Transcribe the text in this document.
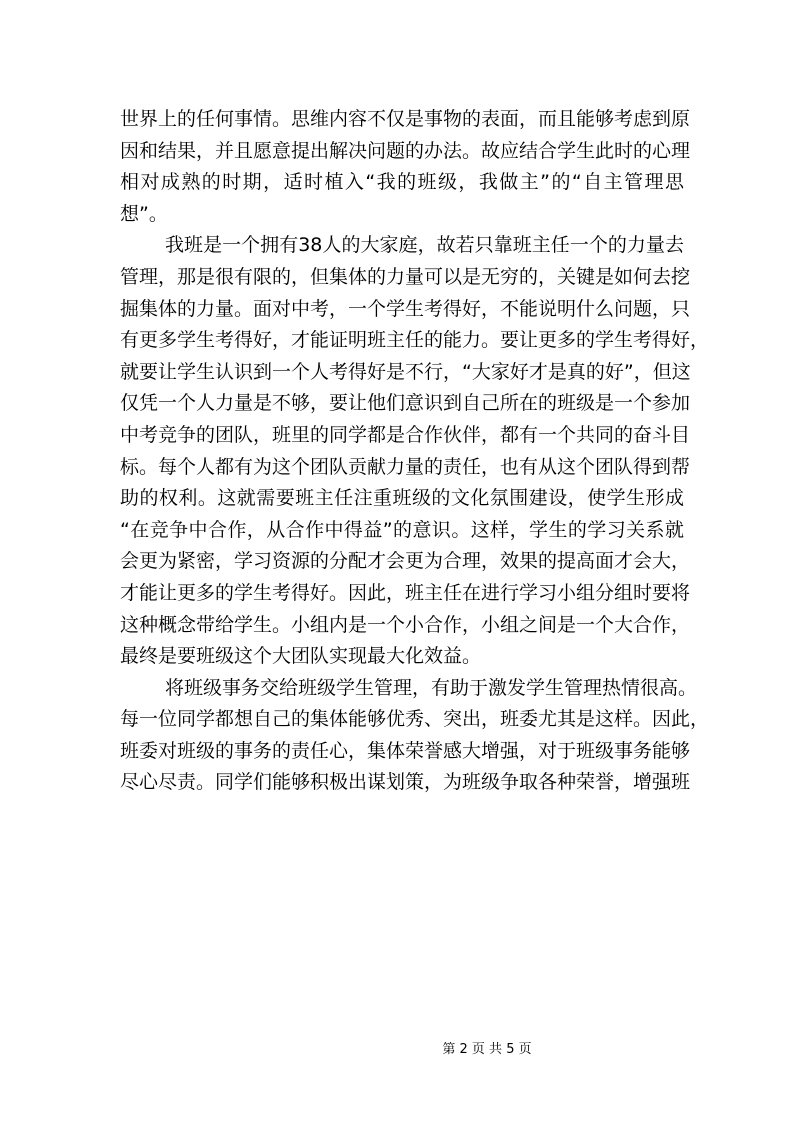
世界上的任何事情。思维内容不仅是事物的表面，而且能够考虑到原
因和结果，并且愿意提出解决问题的办法。故应结合学生此时的心理
相对成熟的时期，适时植入“我的班级，我做主”的“自主管理思
想”。
我班是一个拥有38人的大家庭，故若只靠班主任一个的力量去
管理，那是很有限的，但集体的力量可以是无穷的，关键是如何去挖
掘集体的力量。面对中考，一个学生考得好，不能说明什么问题，只
有更多学生考得好，才能证明班主任的能力。要让更多的学生考得好，
就要让学生认识到一个人考得好是不行，“大家好才是真的好”，但这
仅凭一个人力量是不够，要让他们意识到自己所在的班级是一个参加
中考竞争的团队，班里的同学都是合作伙伴，都有一个共同的奋斗目
标。每个人都有为这个团队贡献力量的责任，也有从这个团队得到帮
助的权利。这就需要班主任注重班级的文化氛围建设，使学生形成
“在竞争中合作，从合作中得益”的意识。这样，学生的学习关系就
会更为紧密，学习资源的分配才会更为合理，效果的提高面才会大，
才能让更多的学生考得好。因此，班主任在进行学习小组分组时要将
这种概念带给学生。小组内是一个小合作，小组之间是一个大合作，
最终是要班级这个大团队实现最大化效益。
将班级事务交给班级学生管理，有助于激发学生管理热情很高。
每一位同学都想自己的集体能够优秀、突出，班委尤其是这样。因此，
班委对班级的事务的责任心，集体荣誉感大增强，对于班级事务能够
尽心尽责。同学们能够积极出谋划策，为班级争取各种荣誉，增强班
第 2 页 共 5 页
